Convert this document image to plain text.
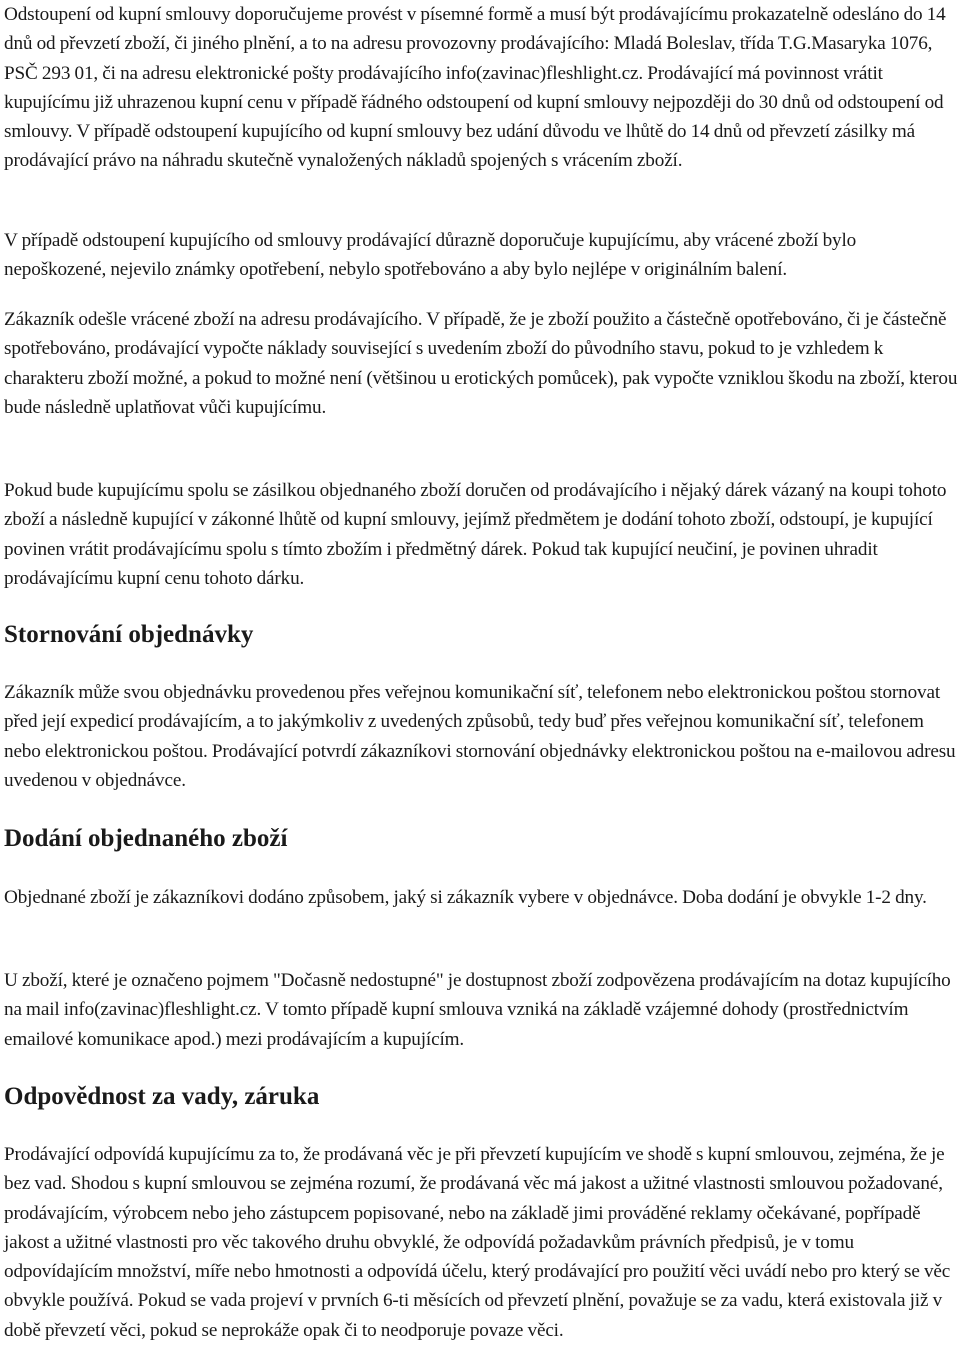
Odstoupení od kupní smlouvy doporučujeme provést v písemné formě a musí být prodávajícímu prokazatelně odesláno do 14 dnů od převzetí zboží, či jiného plnění, a to na adresu provozovny prodávajícího: Mladá Boleslav, třída T.G.Masaryka 1076, PSČ 293 01, či na adresu elektronické pošty prodávajícího info(zavinac)fleshlight.cz. Prodávající má povinnost vrátit kupujícímu již uhrazenou kupní cenu v případě řádného odstoupení od kupní smlouvy nejpozději do 30 dnů od odstoupení od smlouvy. V případě odstoupení kupujícího od kupní smlouvy bez udání důvodu ve lhůtě do 14 dnů od převzetí zásilky má prodávající právo na náhradu skutečně vynaložených nákladů spojených s vrácením zboží.

V případě odstoupení kupujícího od smlouvy prodávající důrazně doporučuje kupujícímu, aby vrácené zboží bylo nepoškozené, nejevilo známky opotřebení, nebylo spotřebováno a aby bylo nejlépe v originálním balení.

Zákazník odešle vrácené zboží na adresu prodávajícího. V případě, že je zboží použito a částečně opotřebováno, či je částečně spotřebováno, prodávající vypočte náklady související s uvedením zboží do původního stavu, pokud to je vzhledem k charakteru zboží možné, a pokud to možné není (většinou u erotických pomůcek), pak vypočte vzniklou škodu na zboží, kterou bude následně uplatňovat vůči kupujícímu.

Pokud bude kupujícímu spolu se zásilkou objednaného zboží doručen od prodávajícího i nějaký dárek vázaný na koupi tohoto zboží a následně kupující v zákonné lhůtě od kupní smlouvy, jejímž předmětem je dodání tohoto zboží, odstoupí, je kupující povinen vrátit prodávajícímu spolu s tímto zbožím i předmětný dárek. Pokud tak kupující neučiní, je povinen uhradit prodávajícímu kupní cenu tohoto dárku.

Stornování objednávky

Zákazník může svou objednávku provedenou přes veřejnou komunikační síť, telefonem nebo elektronickou poštou stornovat před její expedicí prodávajícím, a to jakýmkoliv z uvedených způsobů, tedy buď přes veřejnou komunikační síť, telefonem nebo elektronickou poštou. Prodávající potvrdí zákazníkovi stornování objednávky elektronickou poštou na e-mailovou adresu uvedenou v objednávce.

Dodání objednaného zboží

Objednané zboží je zákazníkovi dodáno způsobem, jaký si zákazník vybere v objednávce. Doba dodání je obvykle 1-2 dny.

U zboží, které je označeno pojmem "Dočasně nedostupné" je dostupnost zboží zodpovězena prodávajícím na dotaz kupujícího na mail info(zavinac)fleshlight.cz. V tomto případě kupní smlouva vzniká na základě vzájemné dohody (prostřednictvím emailové komunikace apod.) mezi prodávajícím a kupujícím.

Odpovědnost za vady, záruka

Prodávající odpovídá kupujícímu za to, že prodávaná věc je při převzetí kupujícím ve shodě s kupní smlouvou, zejména, že je bez vad. Shodou s kupní smlouvou se zejména rozumí, že prodávaná věc má jakost a užitné vlastnosti smlouvou požadované, prodávajícím, výrobcem nebo jeho zástupcem popisované, nebo na základě jimi prováděné reklamy očekávané, popřípadě jakost a užitné vlastnosti pro věc takového druhu obvyklé, že odpovídá požadavkům právních předpisů, je v tomu odpovídajícím množství, míře nebo hmotnosti a odpovídá účelu, který prodávající pro použití věci uvádí nebo pro který se věc obvykle používá. Pokud se vada projeví v prvních 6-ti měsících od převzetí plnění, považuje se za vadu, která existovala již v době převzetí věci, pokud se neprokáže opak či to neodporuje povaze věci.
